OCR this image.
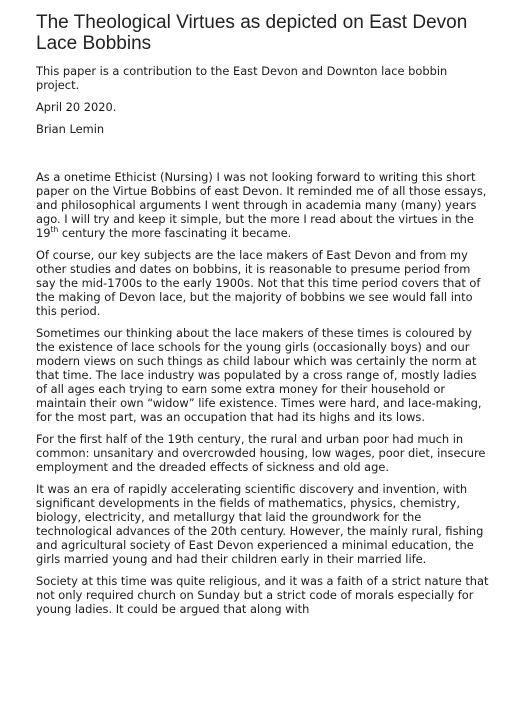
The Theological Virtues as depicted on East Devon Lace Bobbins

This paper is a contribution to the East Devon and Downton lace bobbin project.

April 20 2020.

Brian Lemin

As a onetime Ethicist (Nursing) I was not looking forward to writing this short paper on the Virtue Bobbins of east Devon. It reminded me of all those essays, and philosophical arguments I went through in academia many (many) years ago. I will try and keep it simple, but the more I read about the virtues in the 19th century the more fascinating it became.

Of course, our key subjects are the lace makers of East Devon and from my other studies and dates on bobbins, it is reasonable to presume period from say the mid-1700s to the early 1900s. Not that this time period covers that of the making of Devon lace, but the majority of bobbins we see would fall into this period.

Sometimes our thinking about the lace makers of these times is coloured by the existence of lace schools for the young girls (occasionally boys) and our modern views on such things as child labour which was certainly the norm at that time. The lace industry was populated by a cross range of, mostly ladies of all ages each trying to earn some extra money for their household or maintain their own “widow” life existence. Times were hard, and lace-making, for the most part, was an occupation that had its highs and its lows.

For the first half of the 19th century, the rural and urban poor had much in common: unsanitary and overcrowded housing, low wages, poor diet, insecure employment and the dreaded effects of sickness and old age.

It was an era of rapidly accelerating scientific discovery and invention, with significant developments in the fields of mathematics, physics, chemistry, biology, electricity, and metallurgy that laid the groundwork for the technological advances of the 20th century. However, the mainly rural, fishing and agricultural society of East Devon experienced a minimal education, the girls married young and had their children early in their married life.

Society at this time was quite religious, and it was a faith of a strict nature that not only required church on Sunday but a strict code of morals especially for young ladies. It could be argued that along with
